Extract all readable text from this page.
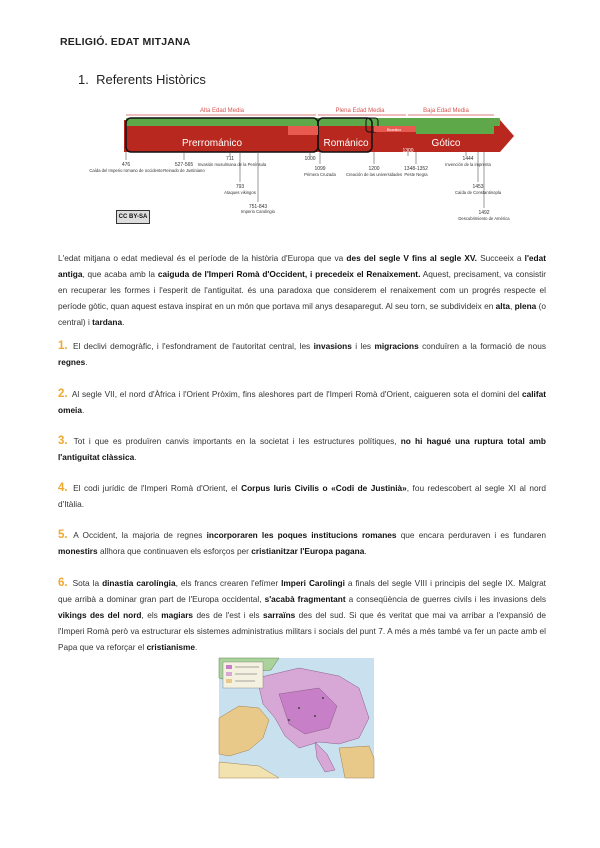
RELIGIÓ. EDAT MITJANA
1. Referents Històrics
Alta Edad Media	Plena Edad Media	Baja Edad Media
Bizantino
Prerrománico	Románico	Gótico
476
Caída del Imperio romano de occidente
527-565
Reinado de Justiniano
711
Invasión musulmana de la Península
793
Ataques vikingos
751-843
Imperio Carolingio
1000
1099
Primera Cruzada
1200
Creación de las universidades
1300
1348-1352
Peste Negra
1444
Invención de la imprenta
1453
Caída de Constantinopla
1492
Descubrimiento de América
CC BY-SA
L'edat mitjana o edat medieval és el període de la història d'Europa que va des del segle V fins al segle XV. Succeeix a l'edat antiga, que acaba amb la caiguda de l'Imperi Romà d'Occident, i precedeix el Renaixement. Aquest, precisament, va consistir en recuperar les formes i l'esperit de l'antiguitat. és una paradoxa que considerem el renaixement com un progrés respecte el període gòtic, quan aquest estava inspirat en un món que portava mil anys desaparegut. Al seu torn, se subdivideix en alta, plena (o central) i tardana.
1. El declivi demogràfic, i l'esfondrament de l'autoritat central, les invasions i les migracions conduïren a la formació de nous regnes.
2. Al segle VII, el nord d'Àfrica i l'Orient Pròxim, fins aleshores part de l'Imperi Romà d'Orient, caigueren sota el domini del califat omeia.
3. Tot i que es produïren canvis importants en la societat i les estructures polítiques, no hi hagué una ruptura total amb l'antiguitat clàssica.
4. El codi jurídic de l'Imperi Romà d'Orient, el Corpus Iuris Civilis o «Codi de Justinià», fou redescobert al segle XI al nord d'Itàlia.
5. A Occident, la majoria de regnes incorporaren les poques institucions romanes que encara perduraven i es fundaren monestirs allhora que continuaven els esforços per cristianitzar l'Europa pagana.
6. Sota la dinastia carolíngia, els francs crearen l'efímer Imperi Carolingi a finals del segle VIII i principis del segle IX. Malgrat que arribà a dominar gran part de l'Europa occidental, s'acabà fragmentant a conseqüència de guerres civils i les invasions dels vikings des del nord, els magiars des de l'est i els sarraïns des del sud. Si que és veritat que mai va arribar a l'expansió de l'Imperi Romà però va estructurar els sistemes administratius militars i socials del punt 7. A més a més també va fer un pacte amb el Papa que va reforçar el cristianisme.
